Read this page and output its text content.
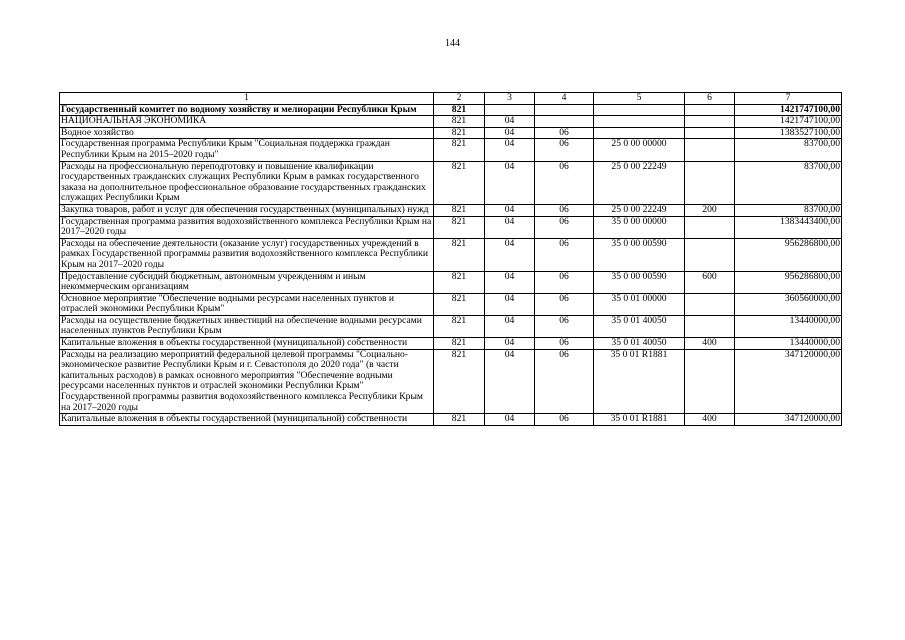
144
1	2	3	4	5	6	7
Государственный комитет по водному хозяйству и мелиорации Республики Крым	821					1421747100,00
НАЦИОНАЛЬНАЯ ЭКОНОМИКА	821	04				1421747100,00
Водное хозяйство	821	04	06			1383527100,00
Государственная программа Республики Крым "Социальная поддержка граждан Республики Крым на 2015–2020 годы"	821	04	06	25 0 00 00000		83700,00
Расходы на профессиональную переподготовку и повышение квалификации государственных гражданских служащих Республики Крым в рамках государственного заказа на дополнительное профессиональное образование государственных гражданских служащих Республики Крым	821	04	06	25 0 00 22249		83700,00
Закупка товаров, работ и услуг для обеспечения государственных (муниципальных) нужд	821	04	06	25 0 00 22249	200	83700,00
Государственная программа развития водохозяйственного комплекса Республики Крым на 2017–2020 годы	821	04	06	35 0 00 00000		1383443400,00
Расходы на обеспечение деятельности (оказание услуг) государственных учреждений в рамках Государственной программы развития водохозяйственного комплекса Республики Крым на 2017–2020 годы	821	04	06	35 0 00 00590		956286800,00
Предоставление субсидий бюджетным, автономным учреждениям и иным некоммерческим организациям	821	04	06	35 0 00 00590	600	956286800,00
Основное мероприятие "Обеспечение водными ресурсами населенных пунктов и отраслей экономики Республики Крым"	821	04	06	35 0 01 00000		360560000,00
Расходы на осуществление бюджетных инвестиций на обеспечение водными ресурсами населенных пунктов Республики Крым	821	04	06	35 0 01 40050		13440000,00
Капитальные вложения в объекты государственной (муниципальной) собственности	821	04	06	35 0 01 40050	400	13440000,00
Расходы на реализацию мероприятий федеральной целевой программы "Социально-экономическое развитие Республики Крым и г. Севастополя до 2020 года" (в части капитальных расходов) в рамках основного мероприятия "Обеспечение водными ресурсами населенных пунктов и отраслей экономики Республики Крым" Государственной программы развития водохозяйственного комплекса Республики Крым на 2017–2020 годы	821	04	06	35 0 01 R1881		347120000,00
Капитальные вложения в объекты государственной (муниципальной) собственности	821	04	06	35 0 01 R1881	400	347120000,00
